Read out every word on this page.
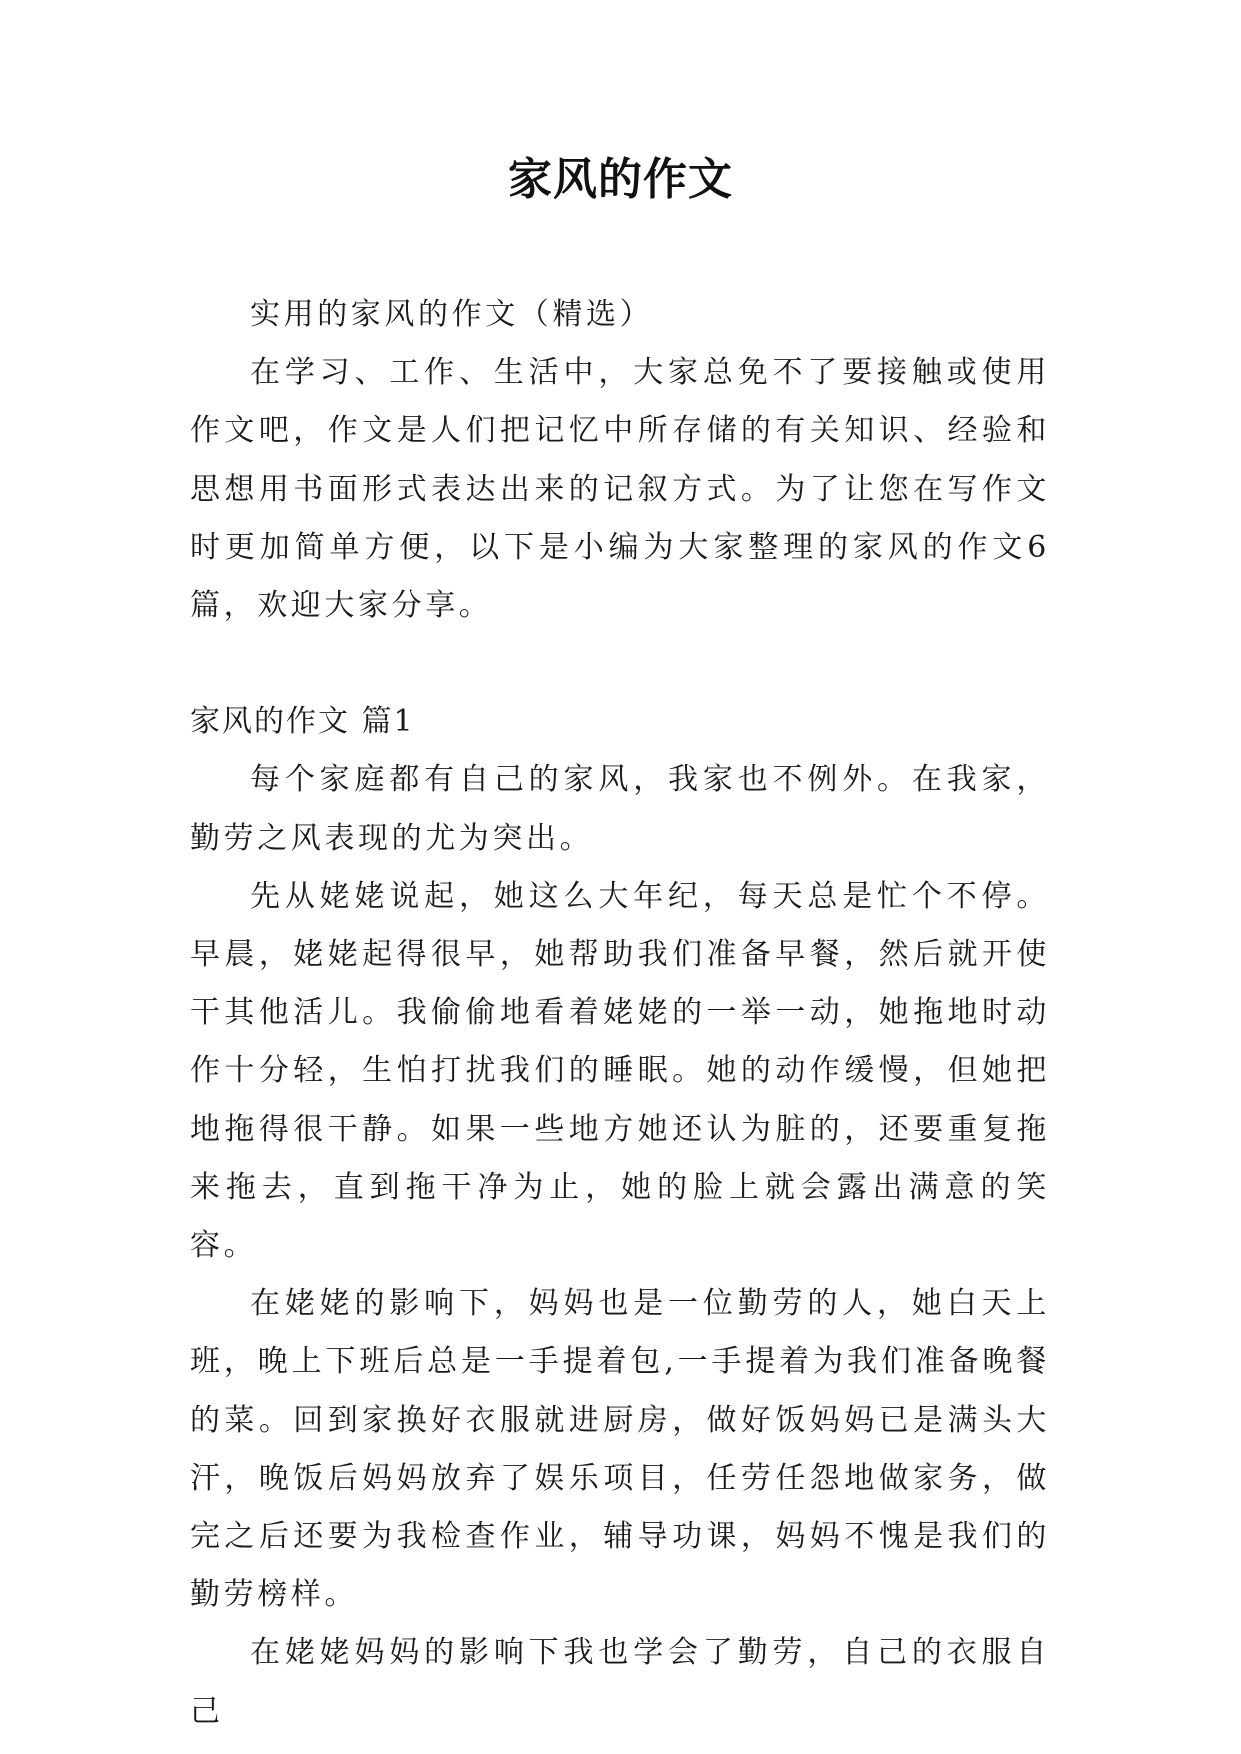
家风的作文

实用的家风的作文（精选）

在学习、工作、生活中，大家总免不了要接触或使用作文吧，作文是人们把记忆中所存储的有关知识、经验和思想用书面形式表达出来的记叙方式。为了让您在写作文时更加简单方便，以下是小编为大家整理的家风的作文6篇，欢迎大家分享。

家风的作文 篇1

每个家庭都有自己的家风，我家也不例外。在我家，勤劳之风表现的尤为突出。

先从姥姥说起，她这么大年纪，每天总是忙个不停。早晨，姥姥起得很早，她帮助我们准备早餐，然后就开使干其他活儿。我偷偷地看着姥姥的一举一动，她拖地时动作十分轻，生怕打扰我们的睡眠。她的动作缓慢，但她把地拖得很干静。如果一些地方她还认为脏的，还要重复拖来拖去，直到拖干净为止，她的脸上就会露出满意的笑容。

在姥姥的影响下，妈妈也是一位勤劳的人，她白天上班，晚上下班后总是一手提着包,一手提着为我们准备晚餐的菜。回到家换好衣服就进厨房，做好饭妈妈已是满头大汗，晚饭后妈妈放弃了娱乐项目，任劳任怨地做家务，做完之后还要为我检查作业，辅导功课，妈妈不愧是我们的勤劳榜样。

在姥姥妈妈的影响下我也学会了勤劳，自己的衣服自己
